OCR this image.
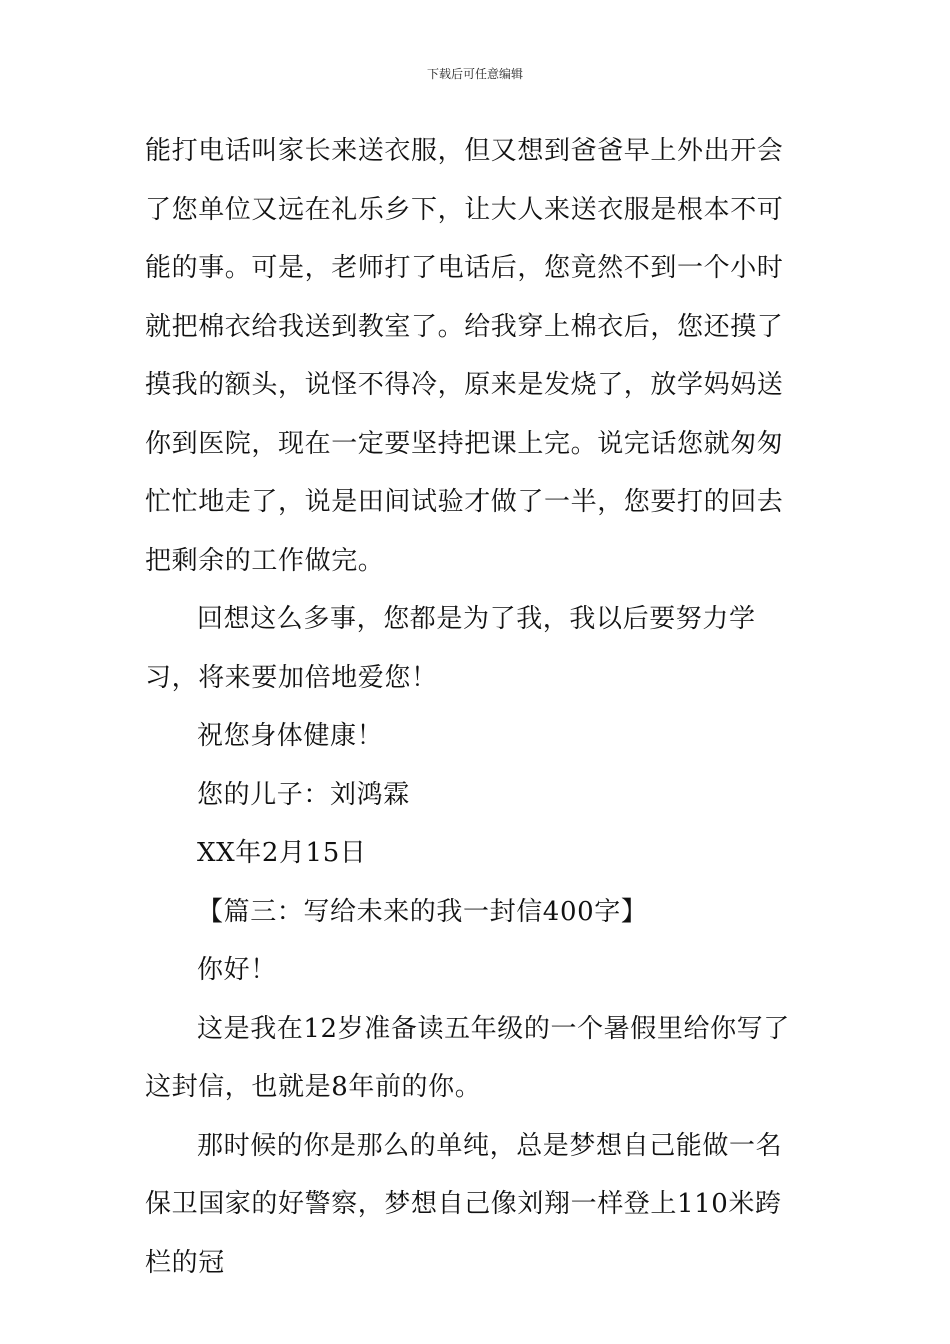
下载后可任意编辑

能打电话叫家长来送衣服，但又想到爸爸早上外出开会了您单位又远在礼乐乡下，让大人来送衣服是根本不可能的事。可是，老师打了电话后，您竟然不到一个小时就把棉衣给我送到教室了。给我穿上棉衣后，您还摸了摸我的额头，说怪不得冷，原来是发烧了，放学妈妈送你到医院，现在一定要坚持把课上完。说完话您就匆匆忙忙地走了，说是田间试验才做了一半，您要打的回去把剩余的工作做完。

回想这么多事，您都是为了我，我以后要努力学习，将来要加倍地爱您！

祝您身体健康！

您的儿子：刘鸿霖

XX年2月15日

【篇三：写给未来的我一封信400字】

你好！

这是我在12岁准备读五年级的一个暑假里给你写了这封信，也就是8年前的你。

那时候的你是那么的单纯，总是梦想自己能做一名保卫国家的好警察，梦想自己像刘翔一样登上110米跨栏的冠
